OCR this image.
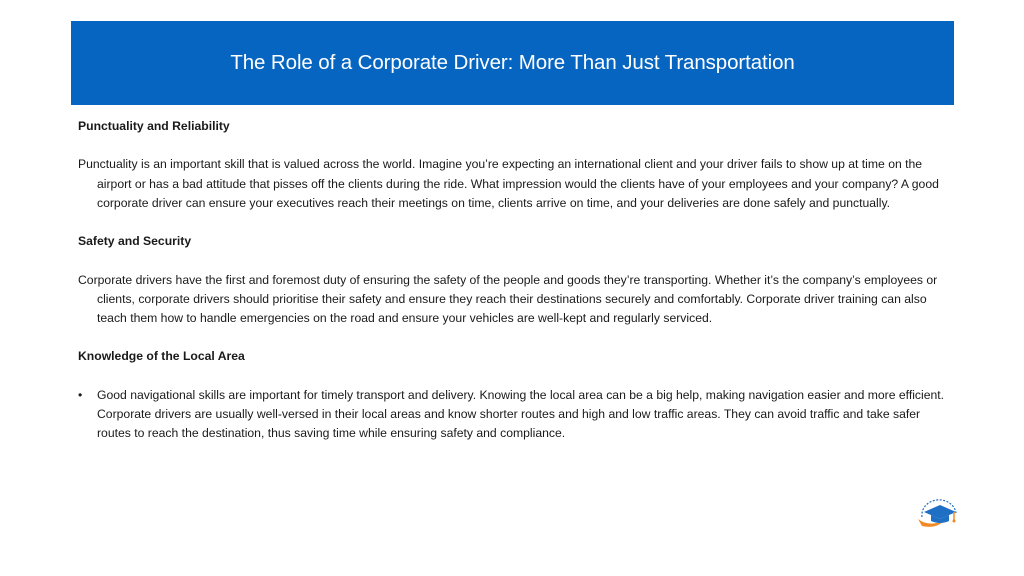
The Role of a Corporate Driver: More Than Just Transportation

Punctuality and Reliability

Punctuality is an important skill that is valued across the world. Imagine you’re expecting an international client and your driver fails to show up at time on the airport or has a bad attitude that pisses off the clients during the ride. What impression would the clients have of your employees and your company? A good corporate driver can ensure your executives reach their meetings on time, clients arrive on time, and your deliveries are done safely and punctually.

Safety and Security

Corporate drivers have the first and foremost duty of ensuring the safety of the people and goods they’re transporting. Whether it’s the company’s employees or clients, corporate drivers should prioritise their safety and ensure they reach their destinations securely and comfortably. Corporate driver training can also teach them how to handle emergencies on the road and ensure your vehicles are well-kept and regularly serviced.

Knowledge of the Local Area

• Good navigational skills are important for timely transport and delivery. Knowing the local area can be a big help, making navigation easier and more efficient. Corporate drivers are usually well-versed in their local areas and know shorter routes and high and low traffic areas. They can avoid traffic and take safer routes to reach the destination, thus saving time while ensuring safety and compliance.
